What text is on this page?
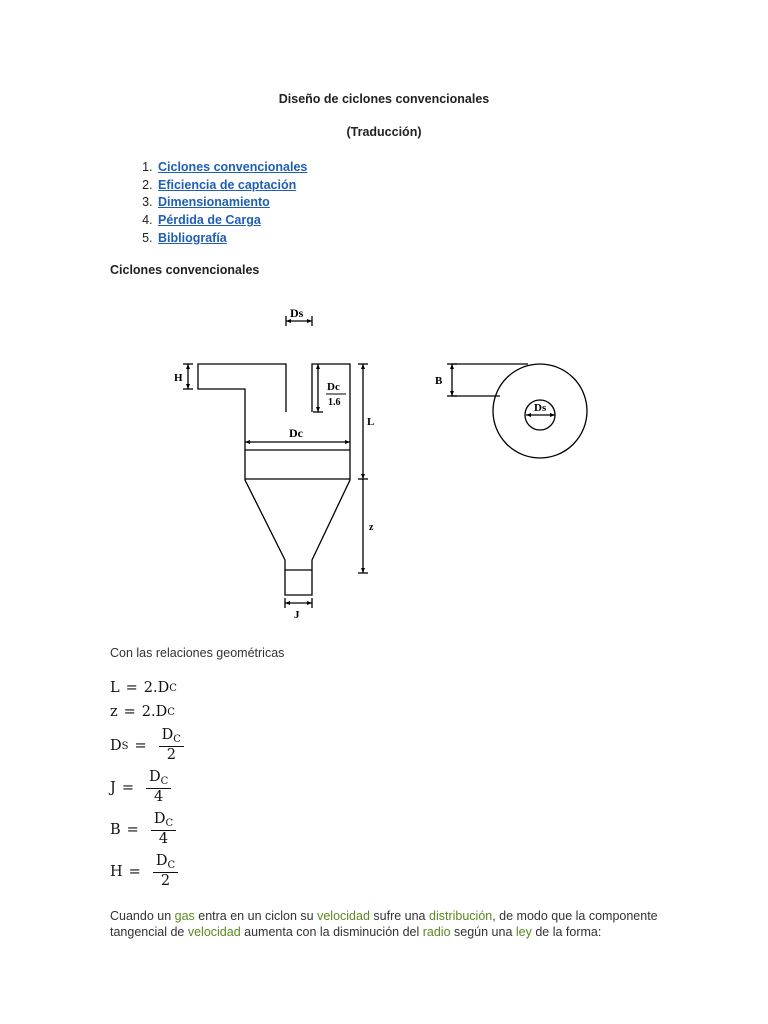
Diseño de ciclones convencionales
(Traducción)
1. Ciclones convencionales
2. Eficiencia de captación
3. Dimensionamiento
4. Pérdida de Carga
5. Bibliografía
Ciclones convencionales
Ds
H
Dc
1.6
L
Dc
z
J
B
Ds
Con las relaciones geométricas
L = 2.D C
z = 2.D C
D $S = \frac{D_C}{2}$
$J = \frac{D_C}{4}$
$B = \frac{D_C}{4}$
$H = \frac{D_C}{2}$
Cuando un gas entra en un ciclon su velocidad sufre una distribución, de modo que la componente tangencial de velocidad aumenta con la disminución del radio según una ley de la forma:
